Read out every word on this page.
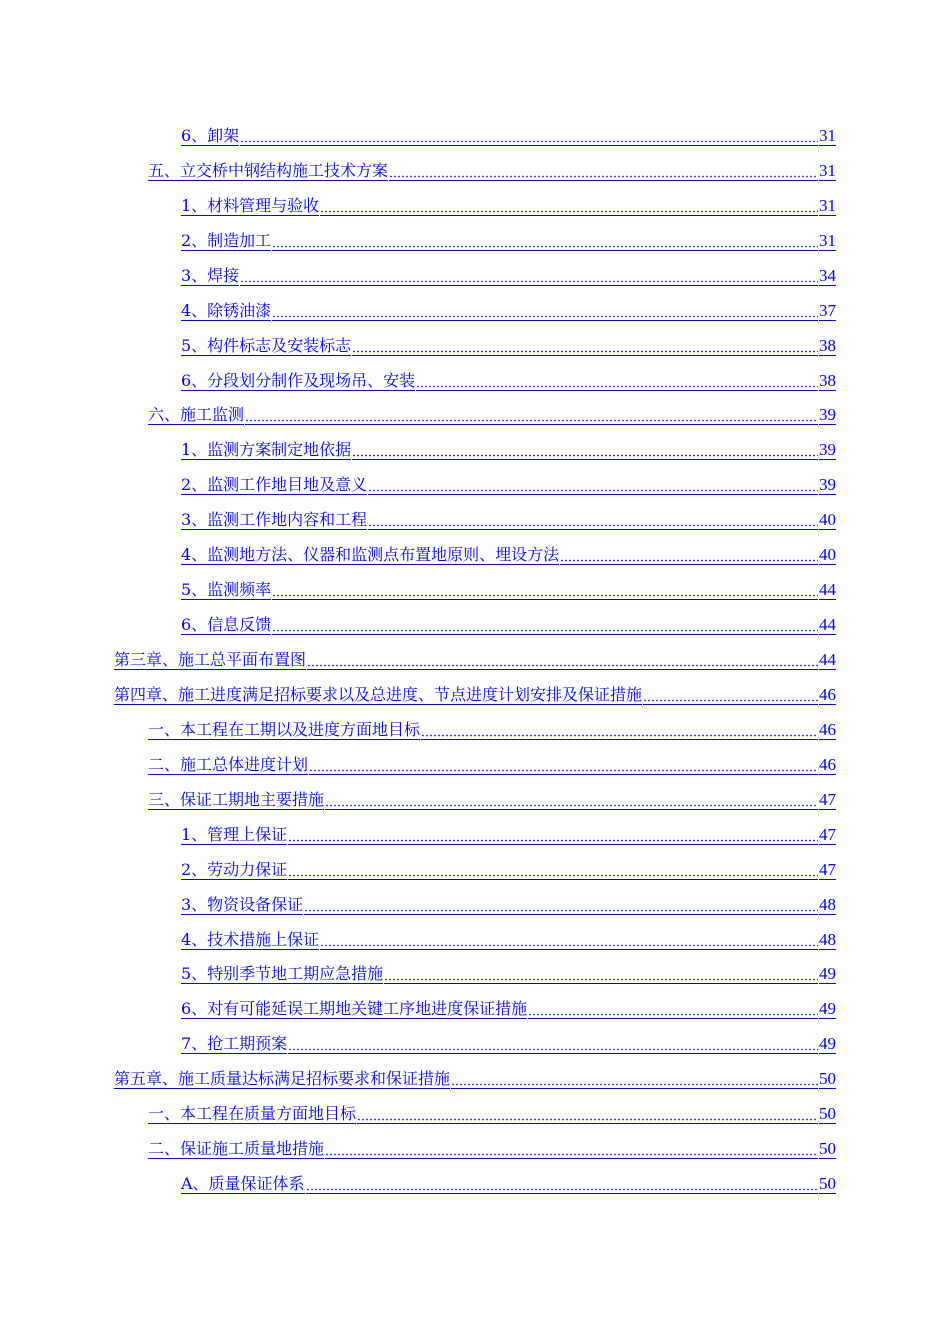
6、卸架	31
五、立交桥中钢结构施工技术方案	31
1、材料管理与验收	31
2、制造加工	31
3、焊接	34
4、除锈油漆	37
5、构件标志及安装标志	38
6、分段划分制作及现场吊、安装	38
六、施工监测	39
1、监测方案制定地依据	39
2、监测工作地目地及意义	39
3、监测工作地内容和工程	40
4、监测地方法、仪器和监测点布置地原则、埋设方法	40
5、监测频率	44
6、信息反馈	44
第三章、施工总平面布置图	44
第四章、施工进度满足招标要求以及总进度、节点进度计划安排及保证措施	46
一、本工程在工期以及进度方面地目标	46
二、施工总体进度计划	46
三、保证工期地主要措施	47
1、管理上保证	47
2、劳动力保证	47
3、物资设备保证	48
4、技术措施上保证	48
5、特别季节地工期应急措施	49
6、对有可能延误工期地关键工序地进度保证措施	49
7、抢工期预案	49
第五章、施工质量达标满足招标要求和保证措施	50
一、本工程在质量方面地目标	50
二、保证施工质量地措施	50
A、质量保证体系	50
